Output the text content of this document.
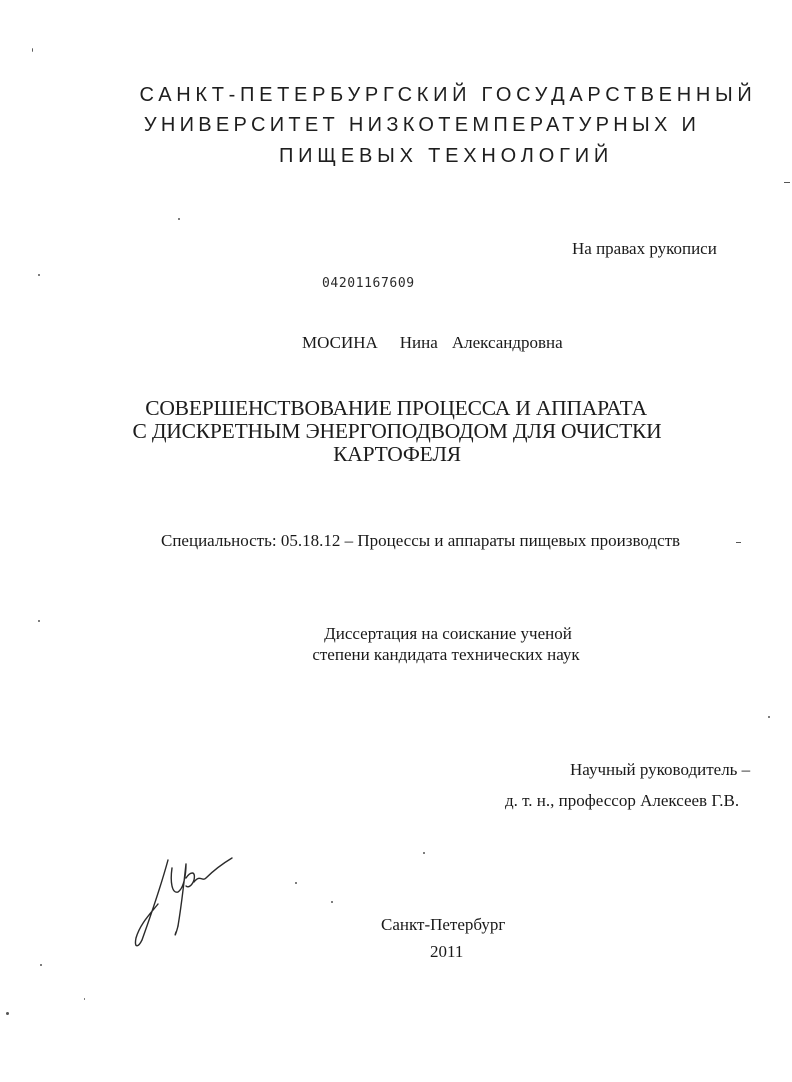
САНКТ-ПЕТЕРБУРГСКИЙ ГОСУДАРСТВЕННЫЙ
УНИВЕРСИТЕТ НИЗКОТЕМПЕРАТУРНЫХ И
ПИЩЕВЫХ ТЕХНОЛОГИЙ
На правах рукописи
04201167609
МОСИНА Нина Александровна
СОВЕРШЕНСТВОВАНИЕ ПРОЦЕССА И АППАРАТА
С ДИСКРЕТНЫМ ЭНЕРГОПОДВОДОМ ДЛЯ ОЧИСТКИ
КАРТОФЕЛЯ
Специальность: 05.18.12 – Процессы и аппараты пищевых производств
Диссертация на соискание ученой
степени кандидата технических наук
Научный руководитель –
д. т. н., профессор Алексеев Г.В.
Санкт-Петербург
2011
